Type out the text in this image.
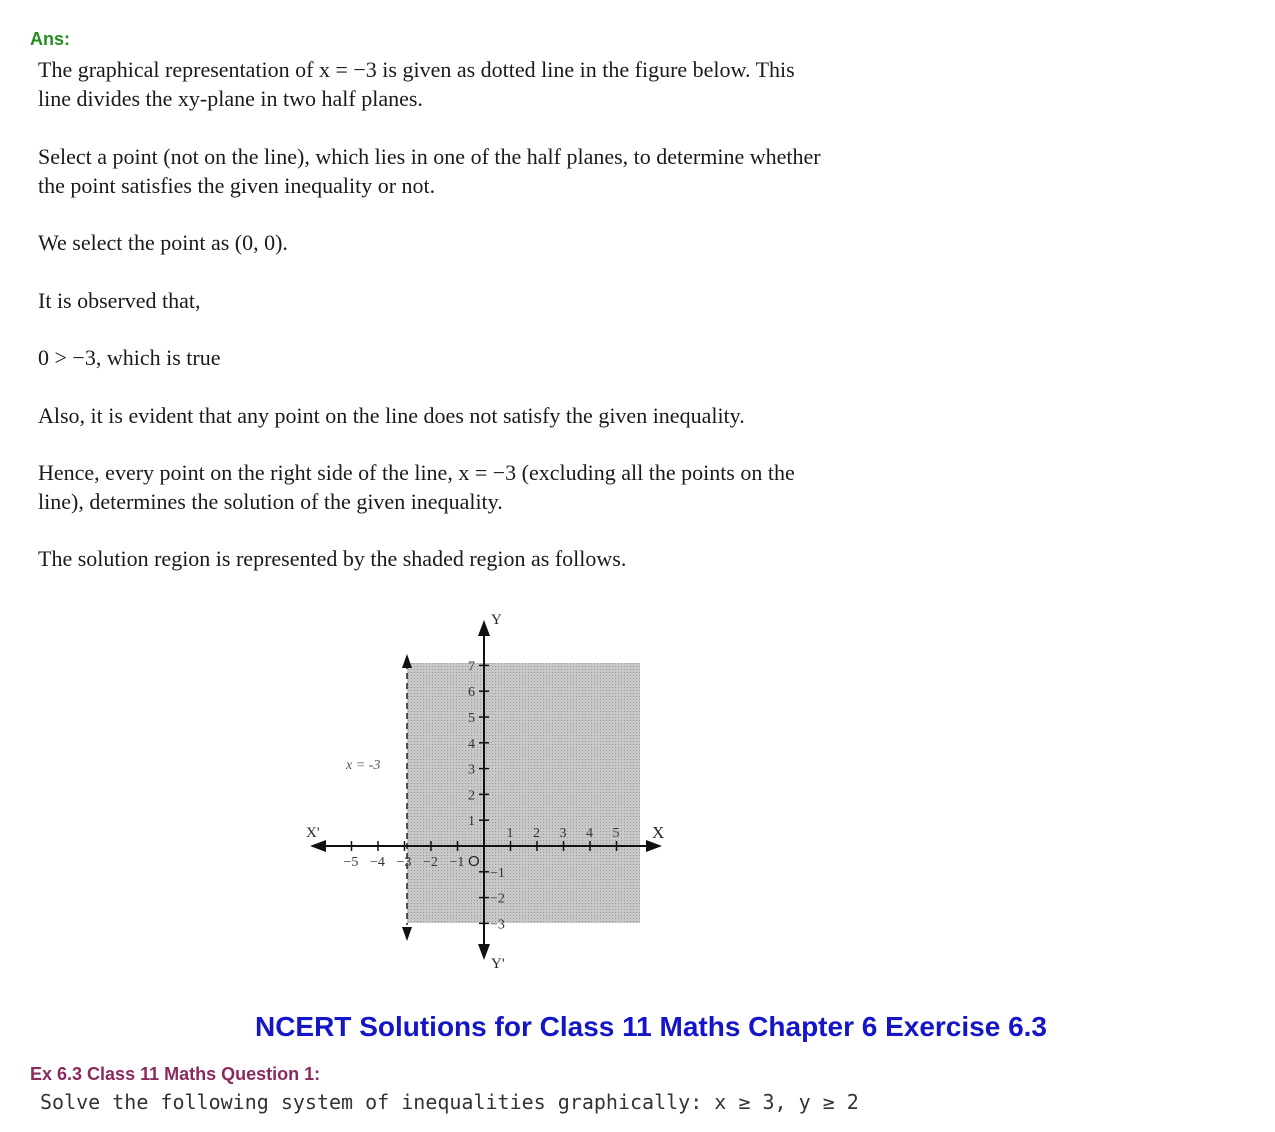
Ans:

The graphical representation of x = −3 is given as dotted line in the figure below. This

line divides the xy-plane in two half planes.

Select a point (not on the line), which lies in one of the half planes, to determine whether

the point satisfies the given inequality or not.

We select the point as (0, 0).

It is observed that,

0 > −3, which is true

Also, it is evident that any point on the line does not satisfy the given inequality.

Hence, every point on the right side of the line, x = −3 (excluding all the points on the

line), determines the solution of the given inequality.

The solution region is represented by the shaded region as follows.

1 2 3 4 5
−5 −4 −3 −2 −1
1
2
3
4
5
6
7
−1
−2
−3
Y
Y'
X
X'
O
x = -3
NCERT Solutions for Class 11 Maths Chapter 6 Exercise 6.3
Ex 6.3 Class 11 Maths Question 1:
Solve the following system of inequalities graphically: x ≥ 3, y ≥ 2
